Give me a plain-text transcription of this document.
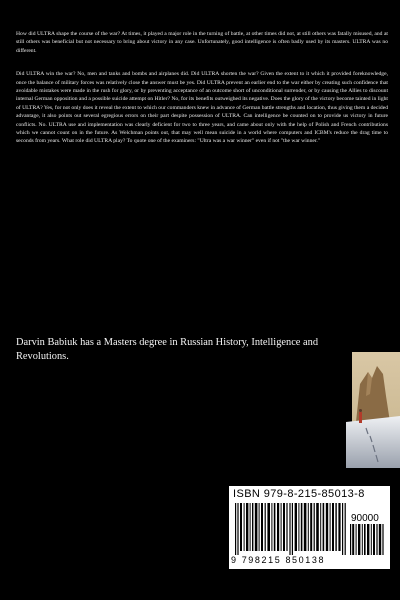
How did ULTRA shape the course of the war? At times, it played a major role in the turning of battle, at other times did not, at still others was fatally misused, and at still others was beneficial but not necessary to bring about victory in any case. Unfortunately, good intelligence is often badly used by its masters. ULTRA was no different.

Did ULTRA win the war? No, men and tanks and bombs and airplanes did. Did ULTRA shorten the war? Given the extent to it which it provided foreknowledge, once the balance of military forces was relatively close the answer must be yes. Did ULTRA prevent an earlier end to the war either by creating such confidence that avoidable mistakes were made in the rush for glory, or by preventing acceptance of an outcome short of unconditional surrender, or by causing the Allies to discount internal German opposition and a possible suicide attempt on Hitler? No, for its benefits outweighed its negative. Does the glory of the victory become tainted in light of ULTRA? Yes, for not only does it reveal the extent to which our commanders knew in advance of German battle strengths and location, thus giving them a decided advantage, it also points out several egregious errors on their part despite possession of ULTRA. Can intelligence be counted on to provide us victory in future conflicts. No. ULTRA use and implementation was clearly deficient for two to three years, and came about only with the help of Polish and French contributions which we cannot count on in the future. As Welchman points out, that may well mean suicide in a world where computers and ICBM's reduce the drag time to seconds from years. What role did ULTRA play? To quote one of the examiners: "Ultra was a war winner" even if not "the war winner."

Darvin Babiuk has a Masters degree in Russian History, Intelligence and Revolutions.

ISBN 979-8-215-85013-8
90000
9 798215 850138
